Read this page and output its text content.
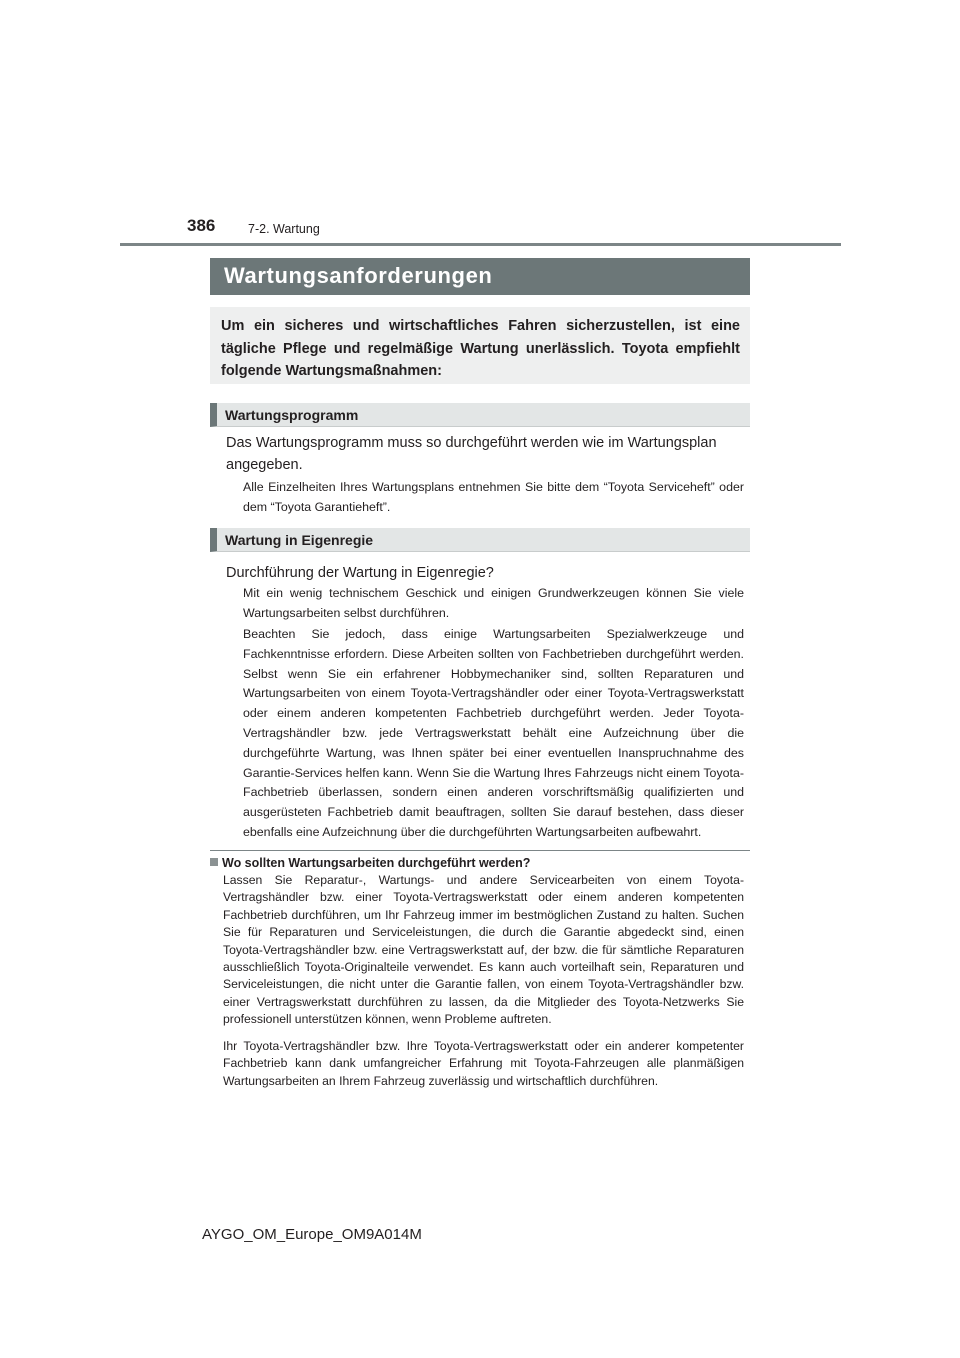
386	7-2. Wartung
Wartungsanforderungen
Um ein sicheres und wirtschaftliches Fahren sicherzustellen, ist eine tägliche Pflege und regelmäßige Wartung unerlässlich. Toyota empfiehlt folgende Wartungsmaßnahmen:
Wartungsprogramm
Das Wartungsprogramm muss so durchgeführt werden wie im Wartungsplan angegeben.
Alle Einzelheiten Ihres Wartungsplans entnehmen Sie bitte dem “Toyota Serviceheft” oder dem “Toyota Garantieheft”.
Wartung in Eigenregie
Durchführung der Wartung in Eigenregie?
Mit ein wenig technischem Geschick und einigen Grundwerkzeugen können Sie viele Wartungsarbeiten selbst durchführen.
Beachten Sie jedoch, dass einige Wartungsarbeiten Spezialwerkzeuge und Fachkenntnisse erfordern. Diese Arbeiten sollten von Fachbetrieben durchgeführt werden. Selbst wenn Sie ein erfahrener Hobbymechaniker sind, sollten Reparaturen und Wartungsarbeiten von einem Toyota-Vertragshändler oder einer Toyota-Vertragswerkstatt oder einem anderen kompetenten Fachbetrieb durchgeführt werden. Jeder Toyota-Vertragshändler bzw. jede Vertragswerkstatt behält eine Aufzeichnung über die durchgeführte Wartung, was Ihnen später bei einer eventuellen Inanspruchnahme des Garantie-Services helfen kann. Wenn Sie die Wartung Ihres Fahrzeugs nicht einem Toyota-Fachbetrieb überlassen, sondern einen anderen vorschriftsmäßig qualifizierten und ausgerüsteten Fachbetrieb damit beauftragen, sollten Sie darauf bestehen, dass dieser ebenfalls eine Aufzeichnung über die durchgeführten Wartungsarbeiten aufbewahrt.
Wo sollten Wartungsarbeiten durchgeführt werden?
Lassen Sie Reparatur-, Wartungs- und andere Servicearbeiten von einem Toyota-Vertragshändler bzw. einer Toyota-Vertragswerkstatt oder einem anderen kompetenten Fachbetrieb durchführen, um Ihr Fahrzeug immer im bestmöglichen Zustand zu halten. Suchen Sie für Reparaturen und Serviceleistungen, die durch die Garantie abgedeckt sind, einen Toyota-Vertragshändler bzw. eine Vertragswerkstatt auf, der bzw. die für sämtliche Reparaturen ausschließlich Toyota-Originalteile verwendet. Es kann auch vorteilhaft sein, Reparaturen und Serviceleistungen, die nicht unter die Garantie fallen, von einem Toyota-Vertragshändler bzw. einer Vertragswerkstatt durchführen zu lassen, da die Mitglieder des Toyota-Netzwerks Sie professionell unterstützen können, wenn Probleme auftreten.
Ihr Toyota-Vertragshändler bzw. Ihre Toyota-Vertragswerkstatt oder ein anderer kompetenter Fachbetrieb kann dank umfangreicher Erfahrung mit Toyota-Fahrzeugen alle planmäßigen Wartungsarbeiten an Ihrem Fahrzeug zuverlässig und wirtschaftlich durchführen.
AYGO_OM_Europe_OM9A014M
